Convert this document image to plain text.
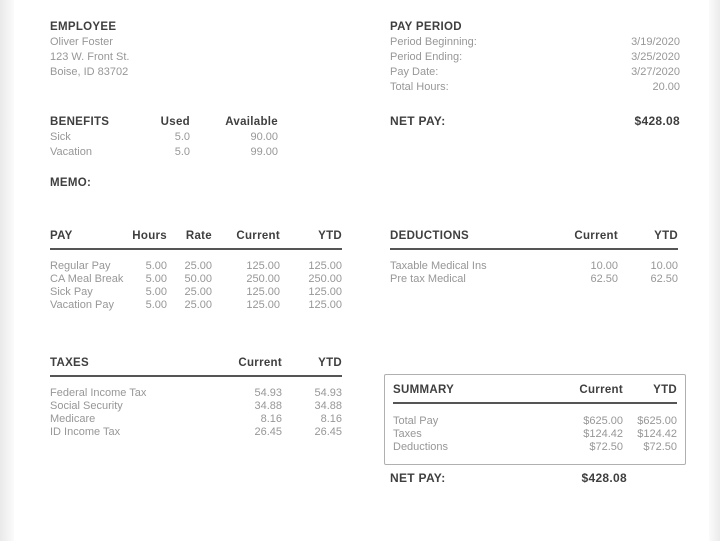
EMPLOYEE
Oliver Foster
123 W. Front St.
Boise, ID 83702
PAY PERIOD
Period Beginning:	3/19/2020
Period Ending:	3/25/2020
Pay Date:	3/27/2020
Total Hours:	20.00
BENEFITS	Used	Available
Sick	5.0	90.00
Vacation	5.0	99.00
NET PAY:	$428.08
MEMO:
PAY	Hours Rate Current	YTD
Regular Pay	5.00 25.00	125.00	125.00
CA Meal Break	5.00 50.00	250.00	250.00
Sick Pay	5.00 25.00	125.00	125.00
Vacation Pay	5.00 25.00	125.00	125.00
DEDUCTIONS	Current	YTD
Taxable Medical Ins	10.00	10.00
Pre tax Medical	62.50	62.50
TAXES	Current	YTD
Federal Income Tax	54.93	54.93
Social Security	34.88	34.88
Medicare	8.16	8.16
ID Income Tax	26.45	26.45
SUMMARY	Current	YTD
Total Pay	$625.00 $625.00
Taxes	$124.42 $124.42
Deductions	$72.50 $72.50
NET PAY:	$428.08
